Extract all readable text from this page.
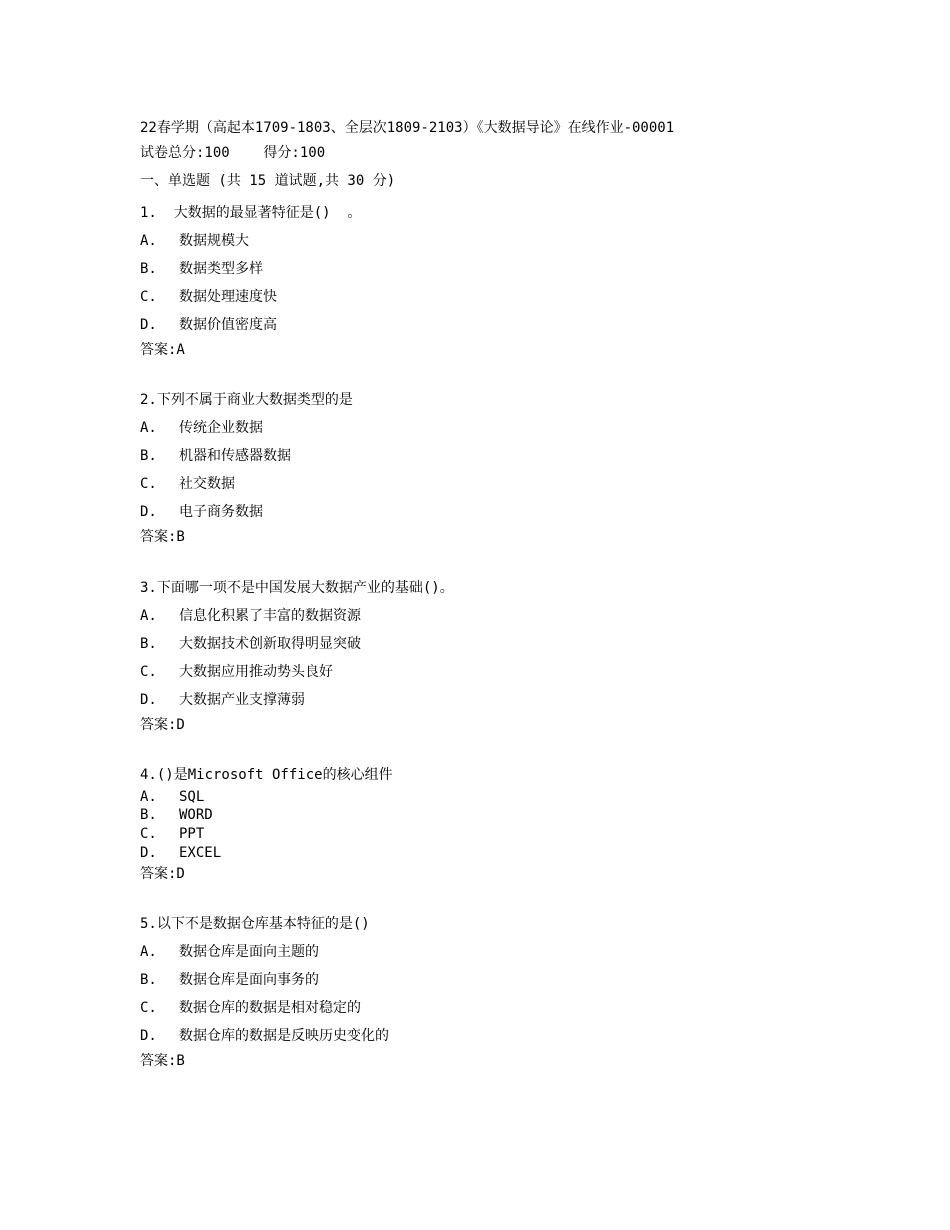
22春学期（高起本1709-1803、全层次1809-2103）《大数据导论》在线作业-00001
试卷总分:100    得分:100
一、单选题 (共 15 道试题,共 30 分)
1.  大数据的最显著特征是()  。
A. 数据规模大
B. 数据类型多样
C. 数据处理速度快
D. 数据价值密度高
答案:A
2.下列不属于商业大数据类型的是
A. 传统企业数据
B. 机器和传感器数据
C. 社交数据
D. 电子商务数据
答案:B
3.下面哪一项不是中国发展大数据产业的基础()。
A. 信息化积累了丰富的数据资源
B. 大数据技术创新取得明显突破
C. 大数据应用推动势头良好
D. 大数据产业支撑薄弱
答案:D
4.()是Microsoft Office的核心组件
A. SQL
B. WORD
C. PPT
D. EXCEL
答案:D
5.以下不是数据仓库基本特征的是()
A. 数据仓库是面向主题的
B. 数据仓库是面向事务的
C. 数据仓库的数据是相对稳定的
D. 数据仓库的数据是反映历史变化的
答案:B
